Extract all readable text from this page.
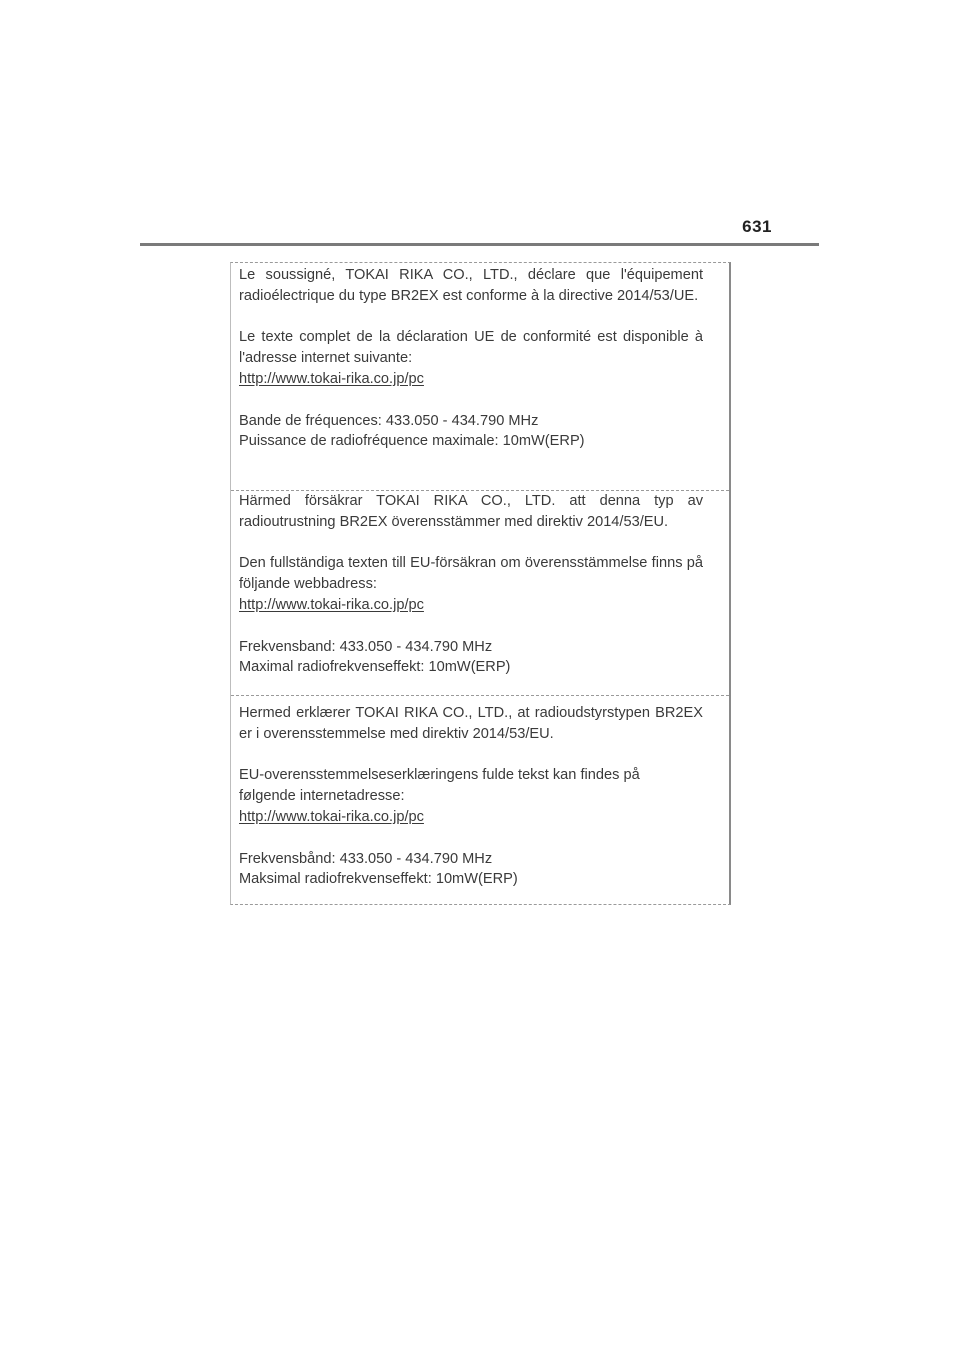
631

Le soussigné, TOKAI RIKA CO., LTD., déclare que l'équipement radioélectrique du type BR2EX est conforme à la directive 2014/53/UE.

Le texte complet de la déclaration UE de conformité est disponible à l'adresse internet suivante:

http://www.tokai-rika.co.jp/pc

Bande de fréquences: 433.050 - 434.790 MHz

Puissance de radiofréquence maximale: 10mW(ERP)

Härmed försäkrar TOKAI RIKA CO., LTD. att denna typ av radioutrustning BR2EX överensstämmer med direktiv 2014/53/EU.

Den fullständiga texten till EU-försäkran om överensstämmelse finns på följande webbadress:

http://www.tokai-rika.co.jp/pc

Frekvensband: 433.050 - 434.790 MHz

Maximal radiofrekvenseffekt: 10mW(ERP)

Hermed erklærer TOKAI RIKA CO., LTD., at radioudstyrstypen BR2EX er i overensstemmelse med direktiv 2014/53/EU.

EU-overensstemmelseserklæringens fulde tekst kan findes på

følgende internetadresse:

http://www.tokai-rika.co.jp/pc

Frekvensbånd: 433.050 - 434.790 MHz

Maksimal radiofrekvenseffekt: 10mW(ERP)
